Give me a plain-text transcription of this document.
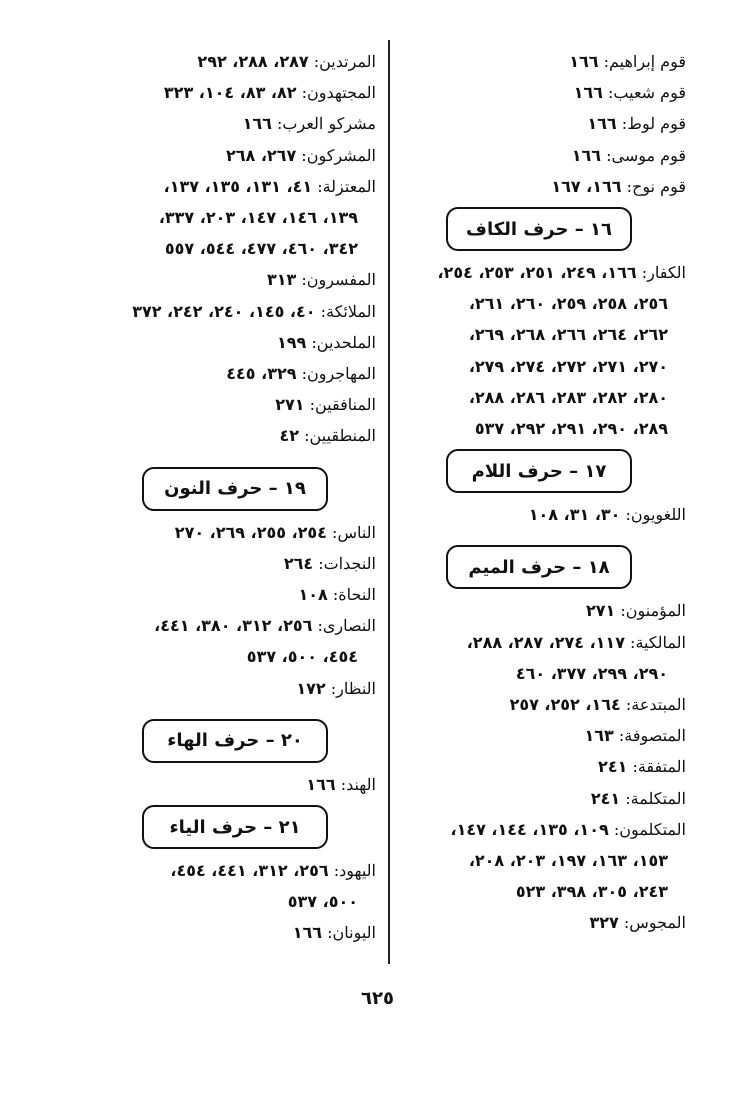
قوم إبراهيم: ١٦٦
قوم شعيب: ١٦٦
قوم لوط: ١٦٦
قوم موسى: ١٦٦
قوم نوح: ١٦٦، ١٦٧
١٦ – حرف الكاف
الكفار: ١٦٦، ٢٤٩، ٢٥١، ٢٥٣، ٢٥٤،
٢٥٦، ٢٥٨، ٢٥٩، ٢٦٠، ٢٦١،
٢٦٢، ٢٦٤، ٢٦٦، ٢٦٨، ٢٦٩،
٢٧٠، ٢٧١، ٢٧٢، ٢٧٤، ٢٧٩،
٢٨٠، ٢٨٢، ٢٨٣، ٢٨٦، ٢٨٨،
٢٨٩، ٢٩٠، ٢٩١، ٢٩٢، ٥٣٧
١٧ – حرف اللام
اللغويون: ٣٠، ٣١، ١٠٨
١٨ – حرف الميم
المؤمنون: ٢٧١
المالكية: ١١٧، ٢٧٤، ٢٨٧، ٢٨٨،
٢٩٠، ٢٩٩، ٣٧٧، ٤٦٠
المبتدعة: ١٦٤، ٢٥٢، ٢٥٧
المتصوفة: ١٦٣
المتفقة: ٢٤١
المتكلمة: ٢٤١
المتكلمون: ١٠٩، ١٣٥، ١٤٤، ١٤٧،
١٥٣، ١٦٣، ١٩٧، ٢٠٣، ٢٠٨،
٢٤٣، ٣٠٥، ٣٩٨، ٥٢٣
المجوس: ٣٢٧
المرتدين: ٢٨٧، ٢٨٨، ٢٩٢
المجتهدون: ٨٢، ٨٣، ١٠٤، ٣٢٣
مشركو العرب: ١٦٦
المشركون: ٢٦٧، ٢٦٨
المعتزلة: ٤١، ١٣١، ١٣٥، ١٣٧،
١٣٩، ١٤٦، ١٤٧، ٢٠٣، ٣٣٧،
٣٤٢، ٤٦٠، ٤٧٧، ٥٤٤، ٥٥٧
المفسرون: ٣١٣
الملائكة: ٤٠، ١٤٥، ٢٤٠، ٢٤٢، ٣٧٢
الملحدين: ١٩٩
المهاجرون: ٣٢٩، ٤٤٥
المنافقين: ٢٧١
المنطقيين: ٤٢
١٩ – حرف النون
الناس: ٢٥٤، ٢٥٥، ٢٦٩، ٢٧٠
النجدات: ٢٦٤
النحاة: ١٠٨
النصارى: ٢٥٦، ٣١٢، ٣٨٠، ٤٤١،
٤٥٤، ٥٠٠، ٥٣٧
النظار: ١٧٢
٢٠ – حرف الهاء
الهند: ١٦٦
٢١ – حرف الياء
اليهود: ٢٥٦، ٣١٢، ٤٤١، ٤٥٤،
٥٠٠، ٥٣٧
اليونان: ١٦٦
٦٢٥
